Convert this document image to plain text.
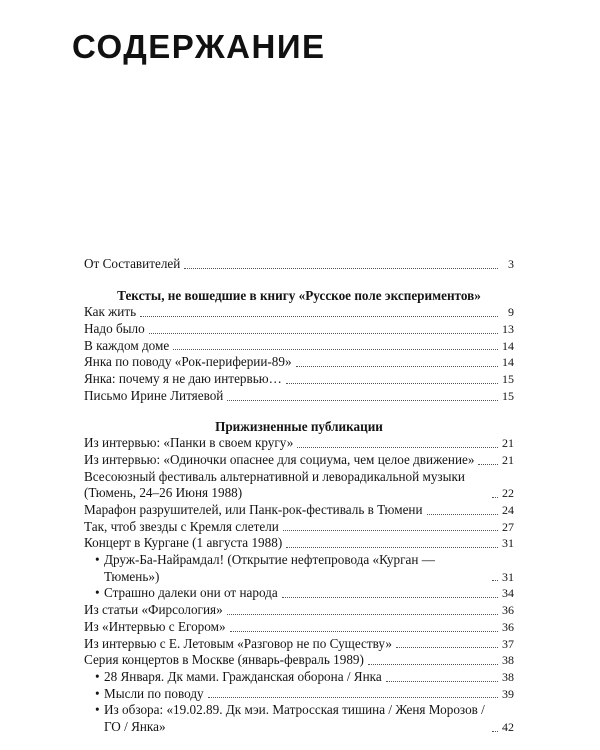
СОДЕРЖАНИЕ
От Составителей	3
Тексты, не вошедшие в книгу «Русское поле экспериментов»
Как жить	9
Надо было	13
В каждом доме	14
Янка по поводу «Рок-периферии-89»	14
Янка: почему я не даю интервью…	15
Письмо Ирине Литяевой	15
Прижизненные публикации
Из интервью: «Панки в своем кругу»	21
Из интервью: «Одиночки опаснее для социума, чем целое движение» 21
Всесоюзный фестиваль альтернативной и леворадикальной музыки (Тюмень, 24–26 Июня 1988)	22
Марафон разрушителей, или Панк-рок-фестиваль в Тюмени	24
Так, чтоб звезды с Кремля слетели	27
Концерт в Кургане (1 августа 1988)	31
• Друж-Ба-Найрамдал! (Открытие нефтепровода «Курган — Тюмень»)	31
• Страшно далеки они от народа	34
Из статьи «Фирсология»	36
Из «Интервью с Егором»	36
Из интервью с Е. Летовым «Разговор не по Существу»	37
Серия концертов в Москве (январь-февраль 1989)	38
• 28 Января. Дк мами. Гражданская оборона / Янка	38
• Мысли по поводу	39
• Из обзора: «19.02.89. Дк мэи. Матросская тишина / Женя Морозов / ГО / Янка»	42
